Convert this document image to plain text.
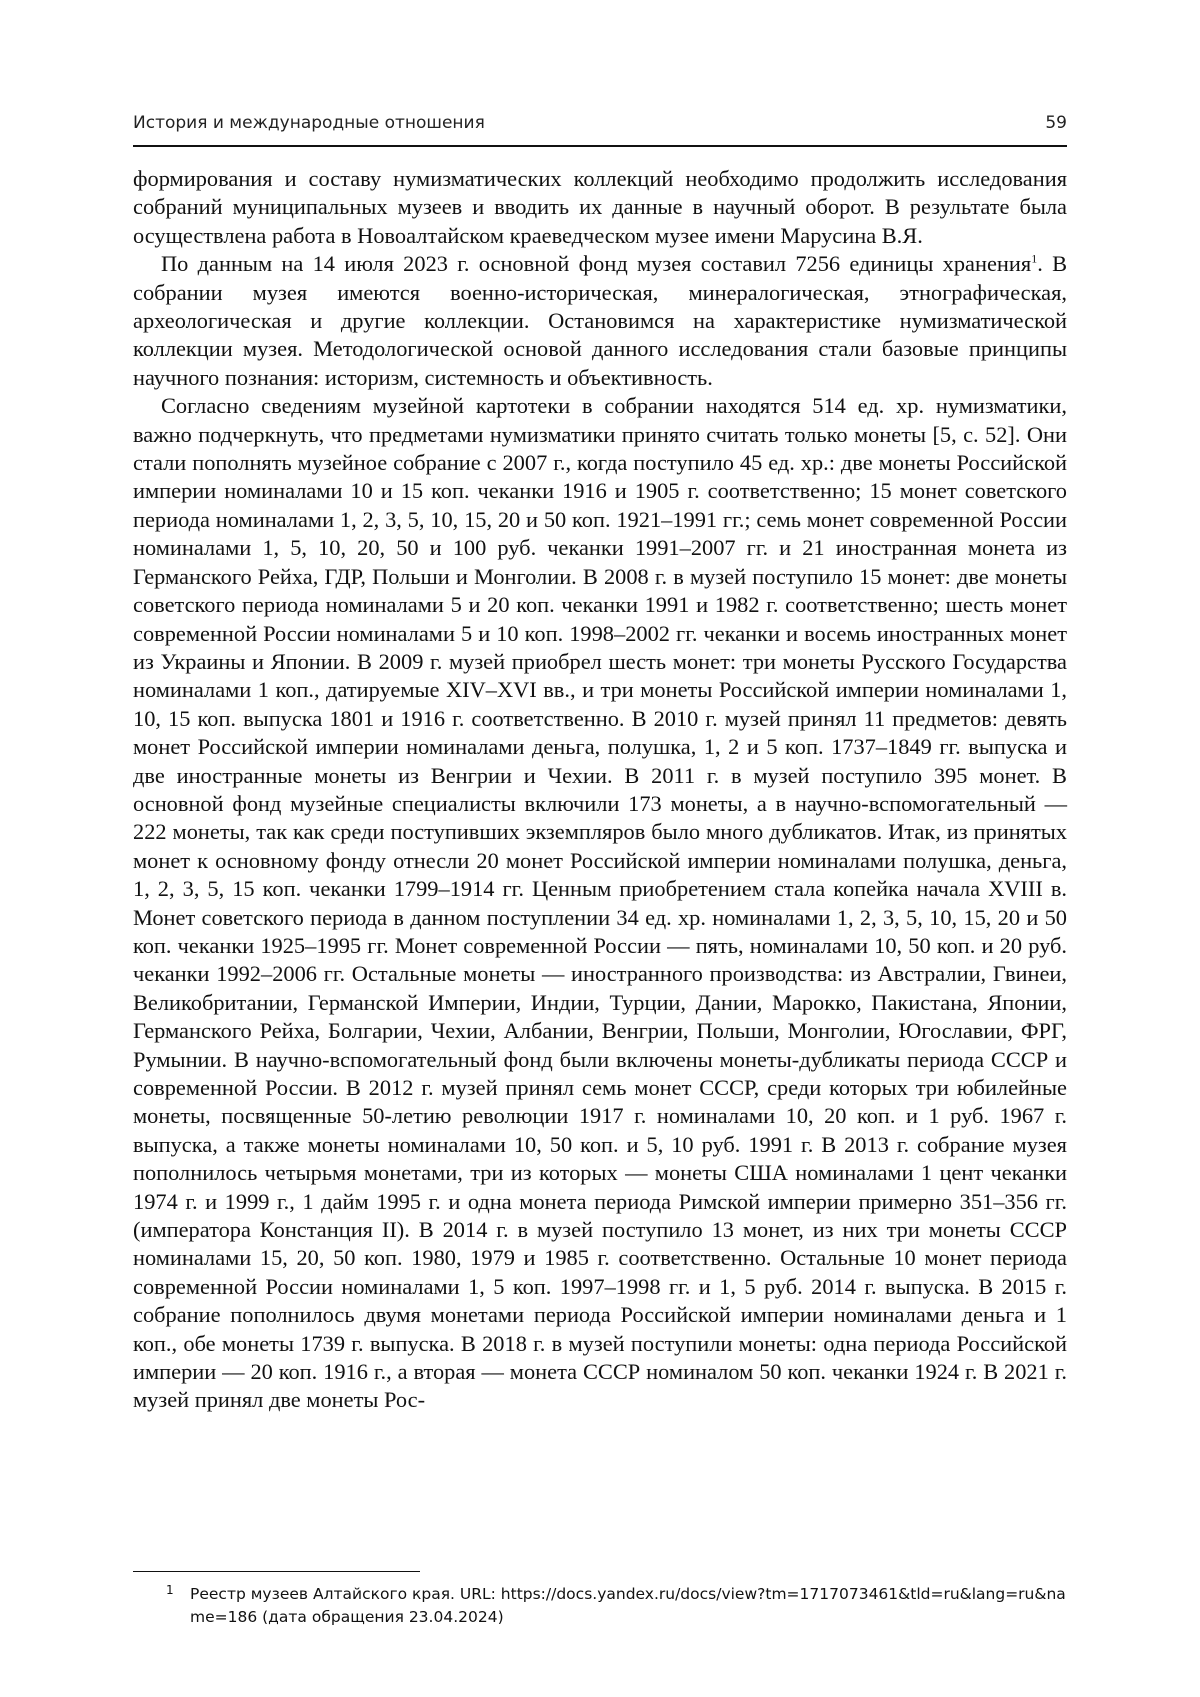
История и международные отношения	59

формирования и составу нумизматических коллекций необходимо продолжить исследования собраний муниципальных музеев и вводить их данные в научный оборот. В результате была осуществлена работа в Новоалтайском краеведческом музее имени Марусина В.Я.

По данным на 14 июля 2023 г. основной фонд музея составил 7256 единицы хранения1. В собрании музея имеются военно-историческая, минералогическая, этнографическая, археологическая и другие коллекции. Остановимся на характеристике нумизматической коллекции музея. Методологической основой данного исследования стали базовые принципы научного познания: историзм, системность и объективность.

Согласно сведениям музейной картотеки в собрании находятся 514 ед. хр. нумизматики, важно подчеркнуть, что предметами нумизматики принято считать только монеты [5, с. 52]. Они стали пополнять музейное собрание с 2007 г., когда поступило 45 ед. хр.: две монеты Российской империи номиналами 10 и 15 коп. чеканки 1916 и 1905 г. соответственно; 15 монет советского периода номиналами 1, 2, 3, 5, 10, 15, 20 и 50 коп. 1921–1991 гг.; семь монет современной России номиналами 1, 5, 10, 20, 50 и 100 руб. чеканки 1991–2007 гг. и 21 иностранная монета из Германского Рейха, ГДР, Польши и Монголии. В 2008 г. в музей поступило 15 монет: две монеты советского периода номиналами 5 и 20 коп. чеканки 1991 и 1982 г. соответственно; шесть монет современной России номиналами 5 и 10 коп. 1998–2002 гг. чеканки и восемь иностранных монет из Украины и Японии. В 2009 г. музей приобрел шесть монет: три монеты Русского Государства номиналами 1 коп., датируемые XIV–XVI вв., и три монеты Российской империи номиналами 1, 10, 15 коп. выпуска 1801 и 1916 г. соответственно. В 2010 г. музей принял 11 предметов: девять монет Российской империи номиналами деньга, полушка, 1, 2 и 5 коп. 1737–1849 гг. выпуска и две иностранные монеты из Венгрии и Чехии. В 2011 г. в музей поступило 395 монет. В основной фонд музейные специалисты включили 173 монеты, а в научно-вспомогательный — 222 монеты, так как среди поступивших экземпляров было много дубликатов. Итак, из принятых монет к основному фонду отнесли 20 монет Российской империи номиналами полушка, деньга, 1, 2, 3, 5, 15 коп. чеканки 1799–1914 гг. Ценным приобретением стала копейка начала XVIII в. Монет советского периода в данном поступлении 34 ед. хр. номиналами 1, 2, 3, 5, 10, 15, 20 и 50 коп. чеканки 1925–1995 гг. Монет современной России — пять, номиналами 10, 50 коп. и 20 руб. чеканки 1992–2006 гг. Остальные монеты — иностранного производства: из Австралии, Гвинеи, Великобритании, Германской Империи, Индии, Турции, Дании, Марокко, Пакистана, Японии, Германского Рейха, Болгарии, Чехии, Албании, Венгрии, Польши, Монголии, Югославии, ФРГ, Румынии. В научно-вспомогательный фонд были включены монеты-дубликаты периода СССР и современной России. В 2012 г. музей принял семь монет СССР, среди которых три юбилейные монеты, посвященные 50-летию революции 1917 г. номиналами 10, 20 коп. и 1 руб. 1967 г. выпуска, а также монеты номиналами 10, 50 коп. и 5, 10 руб. 1991 г. В 2013 г. собрание музея пополнилось четырьмя монетами, три из которых — монеты США номиналами 1 цент чеканки 1974 г. и 1999 г., 1 дайм 1995 г. и одна монета периода Римской империи примерно 351–356 гг. (императора Констанция II). В 2014 г. в музей поступило 13 монет, из них три монеты СССР номиналами 15, 20, 50 коп. 1980, 1979 и 1985 г. соответственно. Остальные 10 монет периода современной России номиналами 1, 5 коп. 1997–1998 гг. и 1, 5 руб. 2014 г. выпуска. В 2015 г. собрание пополнилось двумя монетами периода Российской империи номиналами деньга и 1 коп., обе монеты 1739 г. выпуска. В 2018 г. в музей поступили монеты: одна периода Российской империи — 20 коп. 1916 г., а вторая — монета СССР номиналом 50 коп. чеканки 1924 г. В 2021 г. музей принял две монеты Рос-

1 Реестр музеев Алтайского края. URL: https://docs.yandex.ru/docs/view?tm=1717073461&tld=ru&lang=ru&name=186 (дата обращения 23.04.2024)
